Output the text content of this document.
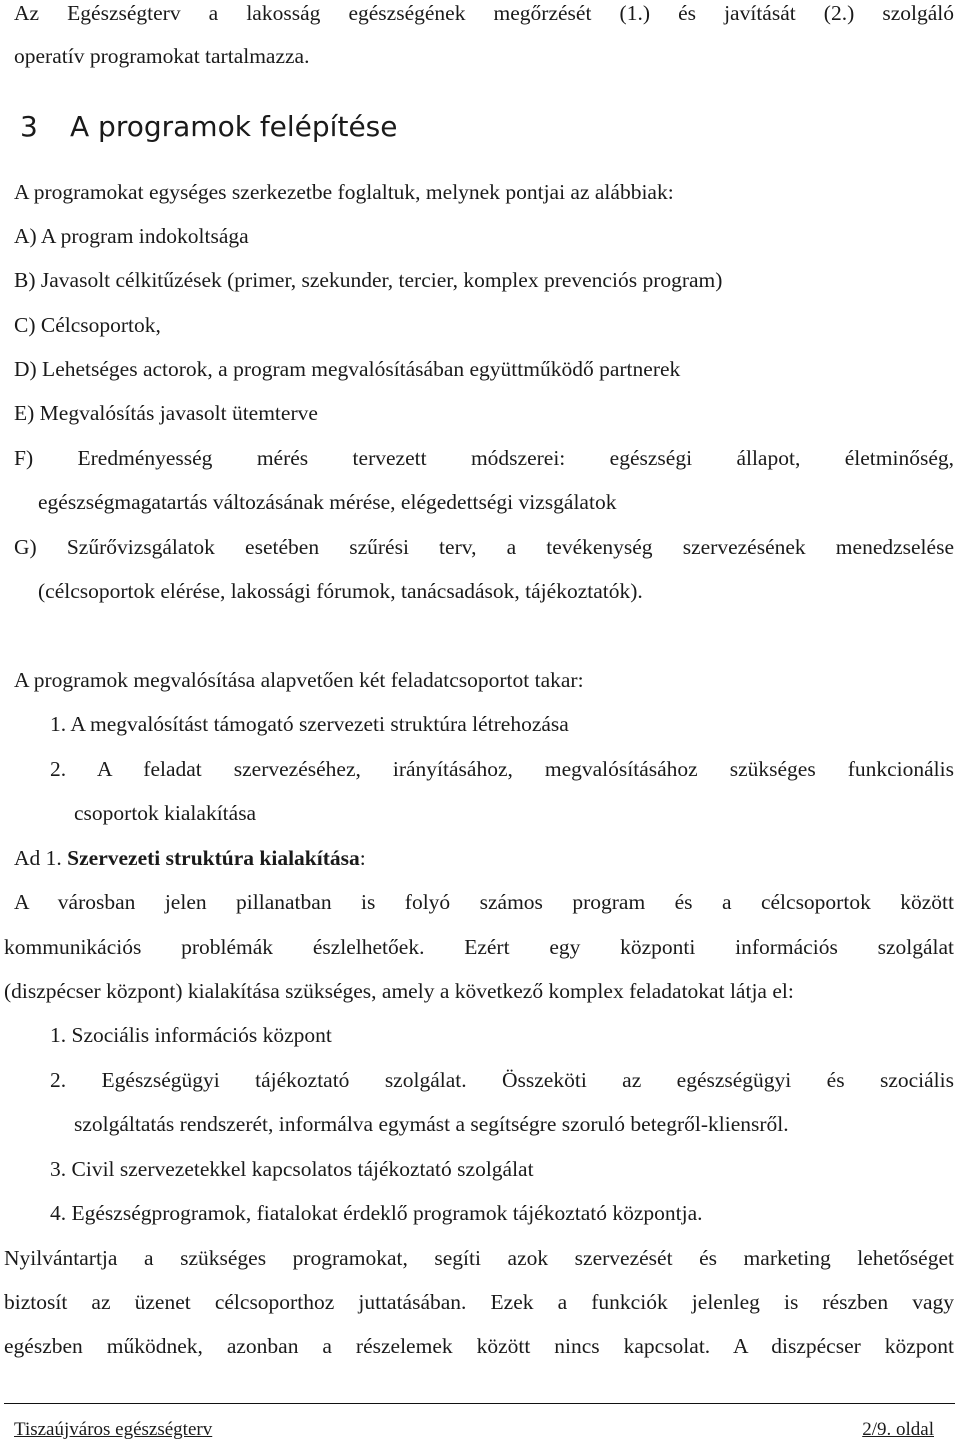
Az Egészségterv a lakosság egészségének megőrzését (1.) és javítását (2.) szolgáló
operatív programokat tartalmazza.
3 A programok felépítése
A programokat egységes szerkezetbe foglaltuk, melynek pontjai az alábbiak:
A) A program indokoltsága
B) Javasolt célkitűzések (primer, szekunder, tercier, komplex prevenciós program)
C) Célcsoportok,
D) Lehetséges actorok, a program megvalósításában együttműködő partnerek
E) Megvalósítás javasolt ütemterve
F) Eredményesség mérés tervezett módszerei: egészségi állapot, életminőség,
egészségmagatartás változásának mérése, elégedettségi vizsgálatok
G) Szűrővizsgálatok esetében szűrési terv, a tevékenység szervezésének menedzselése
(célcsoportok elérése, lakossági fórumok, tanácsadások, tájékoztatók).
A programok megvalósítása alapvetően két feladatcsoportot takar:
1. A megvalósítást támogató szervezeti struktúra létrehozása
2. A feladat szervezéséhez, irányításához, megvalósításához szükséges funkcionális
csoportok kialakítása
Ad 1. Szervezeti struktúra kialakítása:
A városban jelen pillanatban is folyó számos program és a célcsoportok között
kommunikációs problémák észlelhetőek. Ezért egy központi információs szolgálat
(diszpécser központ) kialakítása szükséges, amely a következő komplex feladatokat látja el:
1. Szociális információs központ
2. Egészségügyi tájékoztató szolgálat. Összeköti az egészségügyi és szociális
szolgáltatás rendszerét, informálva egymást a segítségre szoruló betegről-kliensről.
3. Civil szervezetekkel kapcsolatos tájékoztató szolgálat
4. Egészségprogramok, fiatalokat érdeklő programok tájékoztató központja.
Nyilvántartja a szükséges programokat, segíti azok szervezését és marketing lehetőséget
biztosít az üzenet célcsoporthoz juttatásában. Ezek a funkciók jelenleg is részben vagy
egészben működnek, azonban a részelemek között nincs kapcsolat. A diszpécser központ
Tiszaújváros egészségterv	2/9. oldal
